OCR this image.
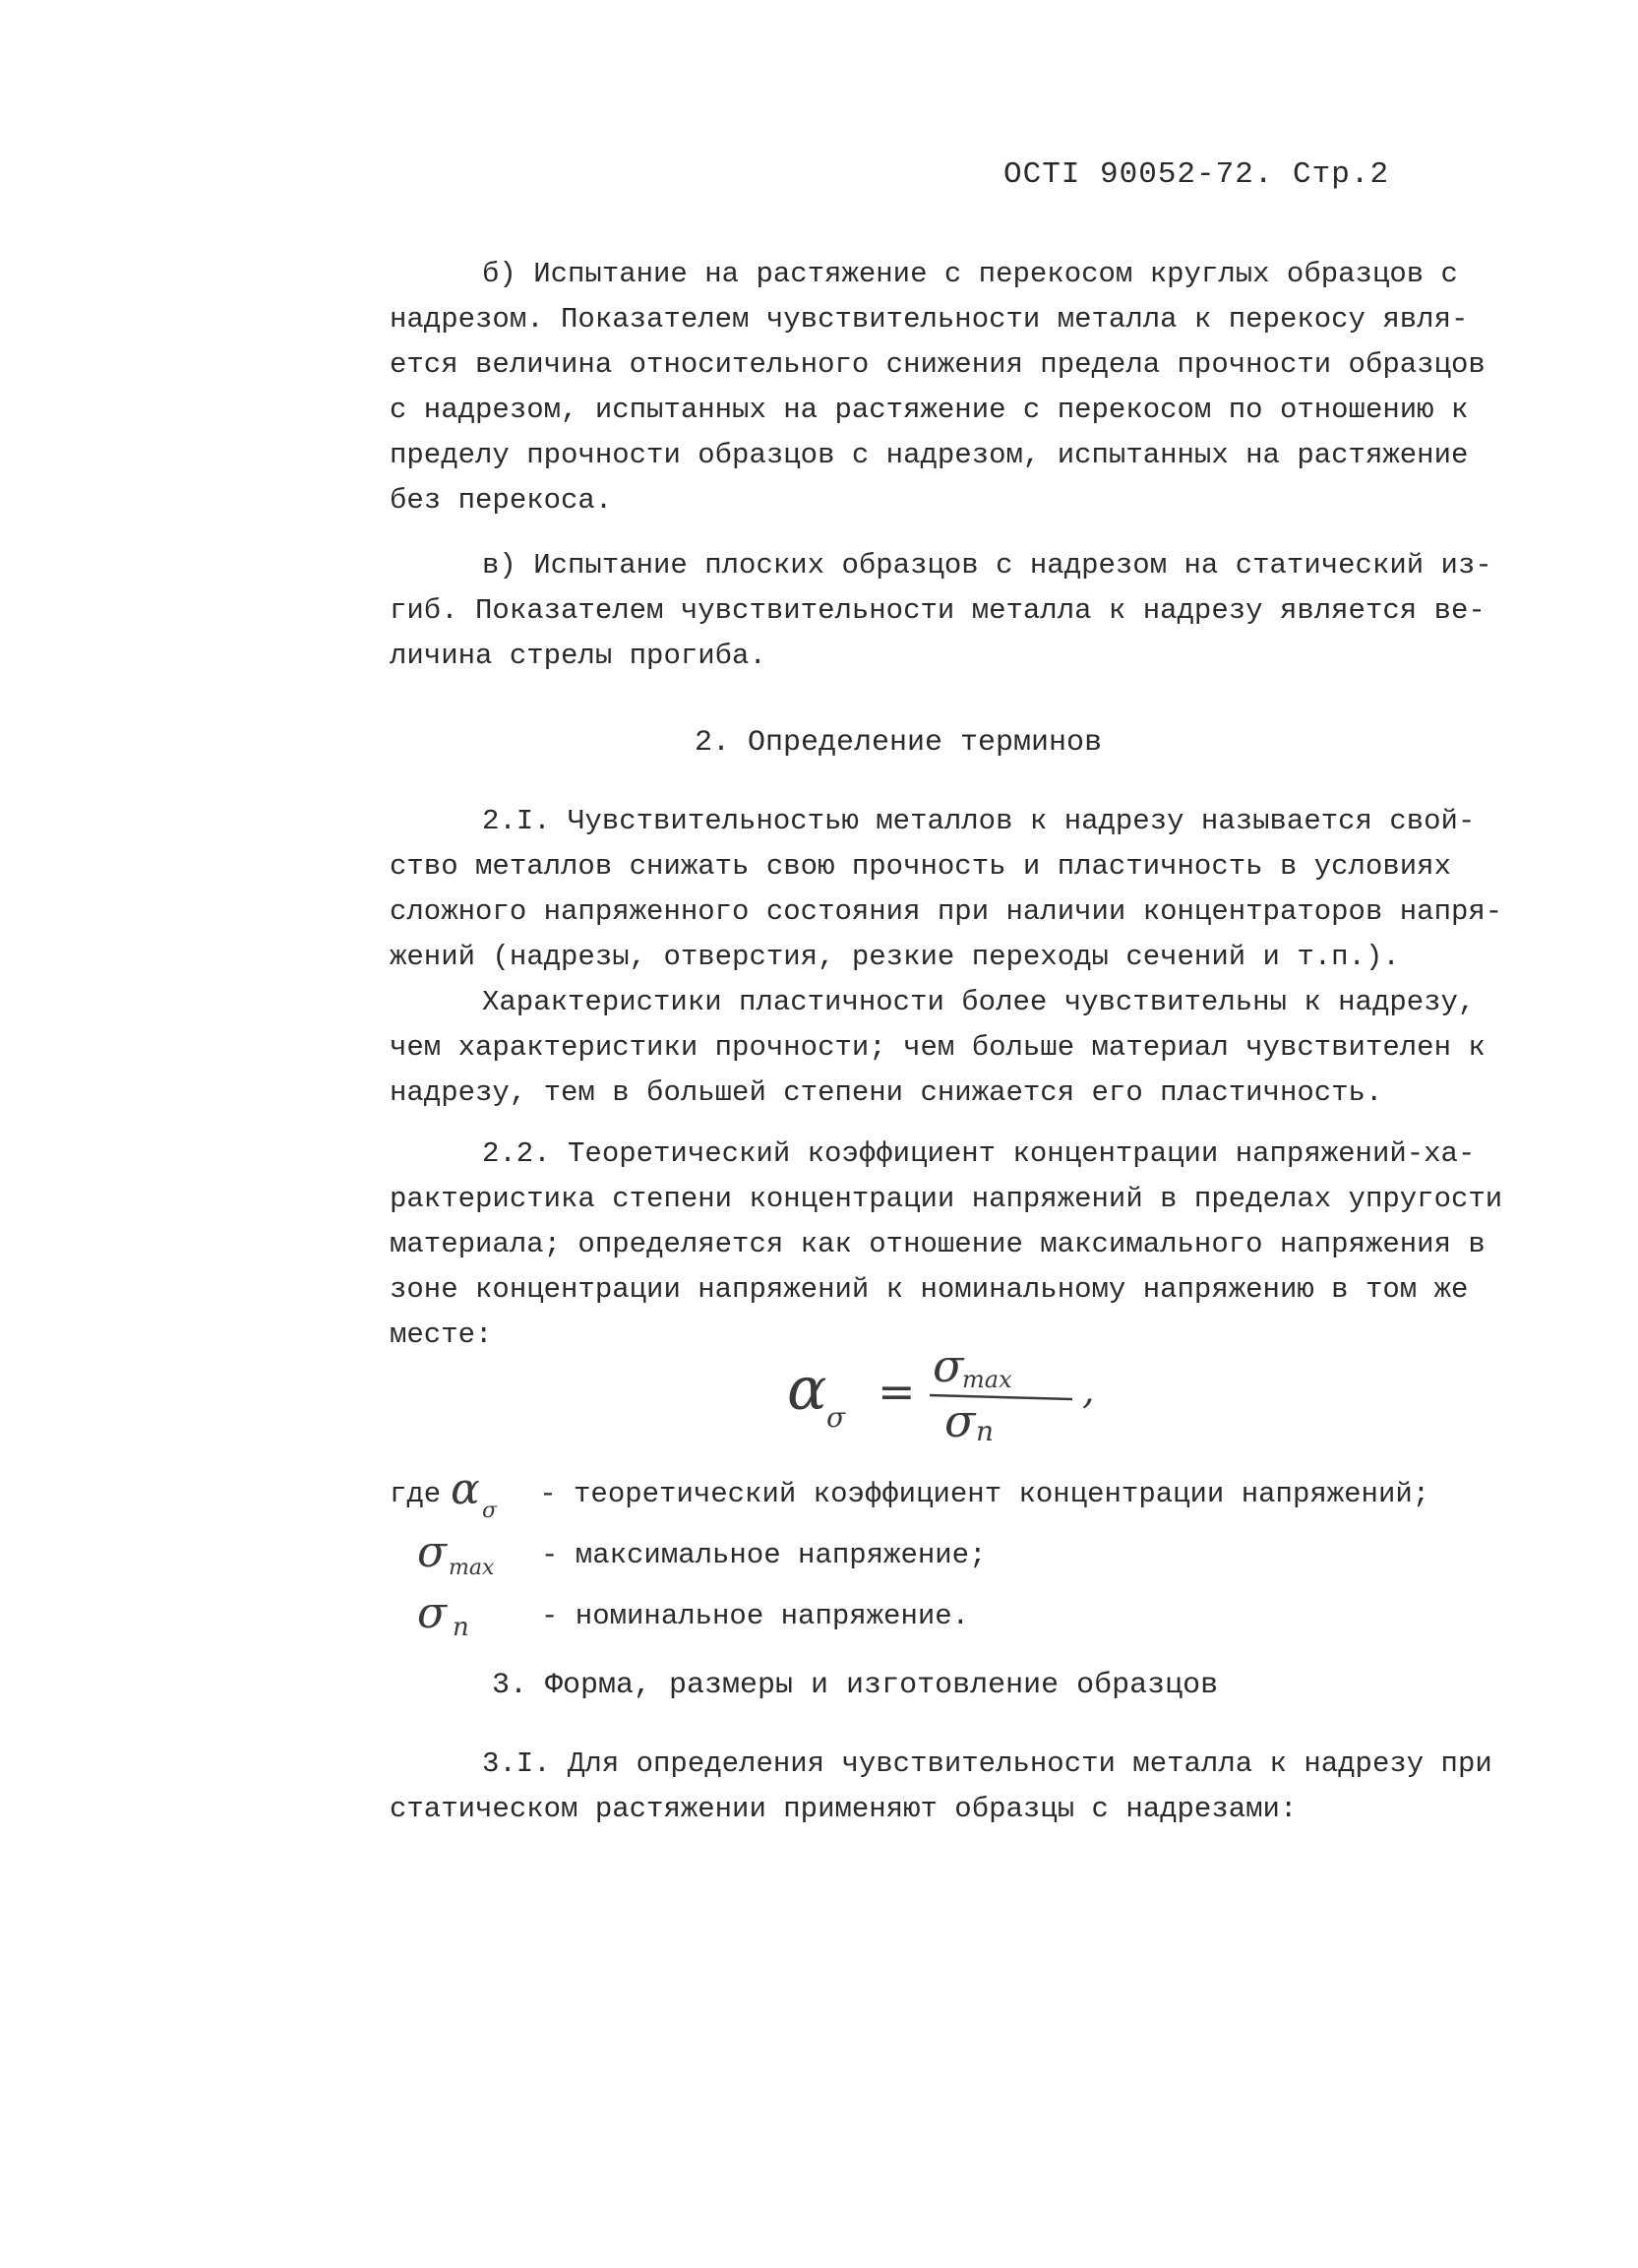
ОСТI 90052-72. Стр.2
б) Испытание на растяжение с перекосом круглых образцов с
надрезом. Показателем чувствительности металла к перекосу явля-
ется величина относительного снижения предела прочности образцов
с надрезом, испытанных на растяжение с перекосом по отношению к
пределу прочности образцов с надрезом, испытанных на растяжение
без перекоса.
в) Испытание плоских образцов с надрезом на статический из-
гиб. Показателем чувствительности металла к надрезу является ве-
личина стрелы прогиба.
2. Определение терминов
2.I. Чувствительностью металлов к надрезу называется свой-
ство металлов снижать свою прочность и пластичность в условиях
сложного напряженного состояния при наличии концентраторов напря-
жений (надрезы, отверстия, резкие переходы сечений и т.п.).
Характеристики пластичности более чувствительны к надрезу,
чем характеристики прочности; чем больше материал чувствителен к
надрезу, тем в большей степени снижается его пластичность.
2.2. Теоретический коэффициент концентрации напряжений-ха-
рактеристика степени концентрации напряжений в пределах упругости
материала; определяется как отношение максимального напряжения в
зоне концентрации напряжений к номинальному напряжению в том же
месте:
α σ = σ
max
σ n
,
где α σ
- теоретический коэффициент концентрации напряжений;
σ max - максимальное напряжение;
σ n	- номинальное напряжение.
3. Форма, размеры и изготовление образцов
3.I. Для определения чувствительности металла к надрезу при
статическом растяжении применяют образцы с надрезами:
